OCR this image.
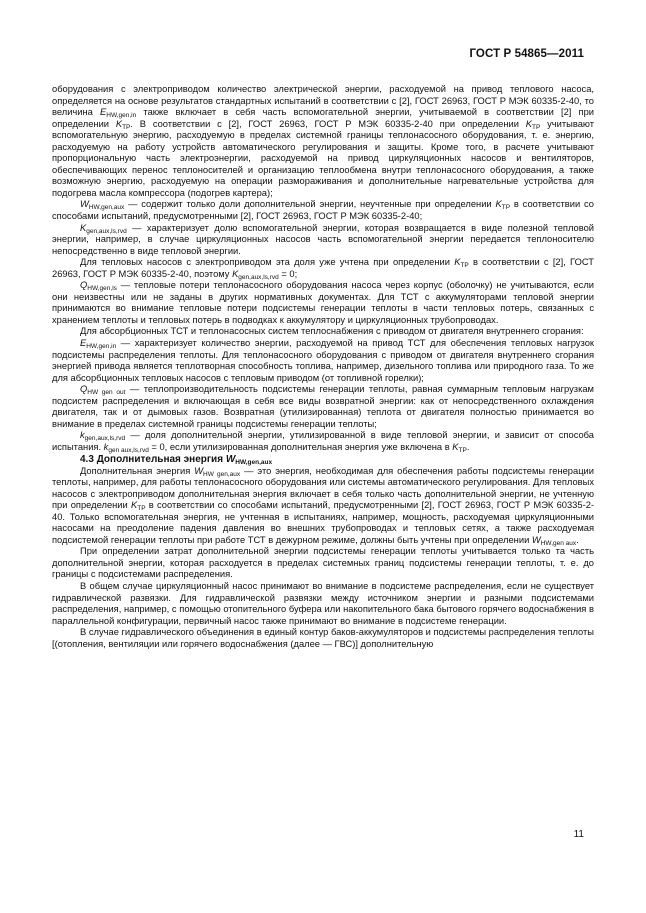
ГОСТ Р 54865—2011

оборудования с электроприводом количество электрической энергии, расходуемой на привод теплового насоса, определяется на основе результатов стандартных испытаний в соответствии с [2], ГОСТ 26963, ГОСТ Р МЭК 60335-2-40, то величина $E_{HW,gen,in}$ также включает в себя часть вспомогательной энергии, учитываемой в соответствии [2] при определении $K_{ТР}$. В соответствии с [2], ГОСТ 26963, ГОСТ Р МЭК 60335-2-40 при определении $K_{ТР}$ учитывают вспомогательную энергию, расходуемую в пределах системной границы теплонасосного оборудования, т. е. энергию, расходуемую на работу устройств автоматического регулирования и защиты. Кроме того, в расчете учитывают пропорциональную часть электроэнергии, расходуемой на привод циркуляционных насосов и вентиляторов, обеспечивающих перенос теплоносителей и организацию теплообмена внутри теплонасосного оборудования, а также возможную энергию, расходуемую на операции размораживания и дополнительные нагревательные устройства для подогрева масла компрессора (подогрев картера);

$W_{HW,gen,aux}$ — содержит только доли дополнительной энергии, неучтенные при определении $K_{ТР}$ в соответствии со способами испытаний, предусмотренными [2], ГОСТ 26963, ГОСТ Р МЭК 60335-2-40;

$K_{gen,aux,ls,rvd}$ — характеризует долю вспомогательной энергии, которая возвращается в виде полезной тепловой энергии, например, в случае циркуляционных насосов часть вспомогательной энергии передается теплоносителю непосредственно в виде тепловой энергии.

Для тепловых насосов с электроприводом эта доля уже учтена при определении $K_{ТР}$ в соответствии с [2], ГОСТ 26963, ГОСТ Р МЭК 60335-2-40, поэтому $K_{gen,aux,ls,rvd} = 0$;

$Q_{HW,gen,ls}$ — тепловые потери теплонасосного оборудования насоса через корпус (оболочку) не учитываются, если они неизвестны или не заданы в других нормативных документах. Для ТСТ с аккумуляторами тепловой энергии принимаются во внимание тепловые потери подсистемы генерации теплоты в части тепловых потерь, связанных с хранением теплоты и тепловых потерь в подводках к аккумулятору и циркуляционных трубопроводах.

Для абсорбционных ТСТ и теплонасосных систем теплоснабжения с приводом от двигателя внутреннего сгорания:

$E_{HW,gen,in}$ — характеризует количество энергии, расходуемой на привод ТСТ для обеспечения тепловых нагрузок подсистемы распределения теплоты. Для теплонасосного оборудования с приводом от двигателя внутреннего сгорания энергией привода является теплотворная способность топлива, например, дизельного топлива или природного газа. То же для абсорбционных тепловых насосов с тепловым приводом (от топливной горелки);

$Q_{HW gen out}$ — теплопроизводительность подсистемы генерации теплоты, равная суммарным тепловым нагрузкам подсистем распределения и включающая в себя все виды возвратной энергии: как от непосредственного охлаждения двигателя, так и от дымовых газов. Возвратная (утилизированная) теплота от двигателя полностью принимается во внимание в пределах системной границы подсистемы генерации теплоты;

$k_{gen,aux,ls,rvd}$ — доля дополнительной энергии, утилизированной в виде тепловой энергии, и зависит от способа испытания. $k_{gen aux,ls,rvd} = 0$, если утилизированная дополнительная энергия уже включена в $K_{ТР}$.

4.3 Дополнительная энергия $W_{HW,gen,aux}$

Дополнительная энергия $W_{HW gen,aux}$ — это энергия, необходимая для обеспечения работы подсистемы генерации теплоты, например, для работы теплонасосного оборудования или системы автоматического регулирования. Для тепловых насосов с электроприводом дополнительная энергия включает в себя только часть дополнительной энергии, не учтенную при определении $K_{ТР}$ в соответствии со способами испытаний, предусмотренными [2], ГОСТ 26963, ГОСТ Р МЭК 60335-2-40. Только вспомогательная энергия, не учтенная в испытаниях, например, мощность, расходуемая циркуляционными насосами на преодоление падения давления во внешних трубопроводах и тепловых сетях, а также расходуемая подсистемой генерации теплоты при работе ТСТ в дежурном режиме, должны быть учтены при определении $W_{HW,gen aux}$.

При определении затрат дополнительной энергии подсистемы генерации теплоты учитывается только та часть дополнительной энергии, которая расходуется в пределах системных границ подсистемы генерации теплоты, т. е. до границы с подсистемами распределения.

В общем случае циркуляционный насос принимают во внимание в подсистеме распределения, если не существует гидравлической развязки. Для гидравлической развязки между источником энергии и разными подсистемами распределения, например, с помощью отопительного буфера или накопительного бака бытового горячего водоснабжения в параллельной конфигурации, первичный насос также принимают во внимание в подсистеме генерации.

В случае гидравлического объединения в единый контур баков-аккумуляторов и подсистемы распределения теплоты [(отопления, вентиляции или горячего водоснабжения (далее — ГВС)] дополнительную

11
